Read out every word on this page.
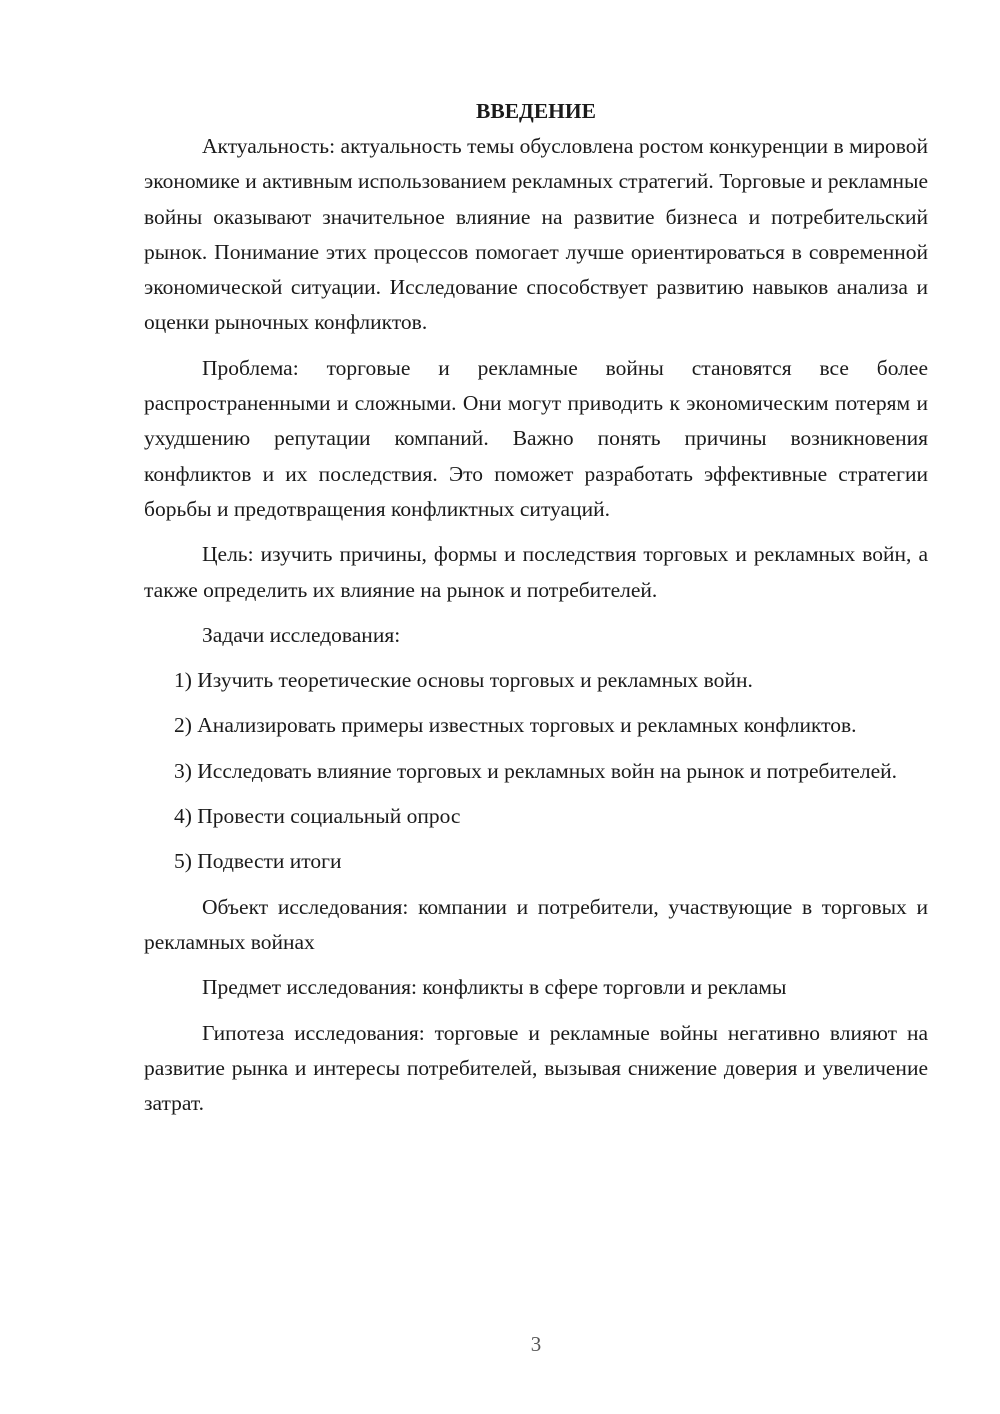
ВВЕДЕНИЕ
Актуальность: актуальность темы обусловлена ростом конкуренции в мировой экономике и активным использованием рекламных стратегий. Торговые и рекламные войны оказывают значительное влияние на развитие бизнеса и потребительский рынок. Понимание этих процессов помогает лучше ориентироваться в современной экономической ситуации. Исследование способствует развитию навыков анализа и оценки рыночных конфликтов.
Проблема: торговые и рекламные войны становятся все более распространенными и сложными. Они могут приводить к экономическим потерям и ухудшению репутации компаний. Важно понять причины возникновения конфликтов и их последствия. Это поможет разработать эффективные стратегии борьбы и предотвращения конфликтных ситуаций.
Цель: изучить причины, формы и последствия торговых и рекламных войн, а также определить их влияние на рынок и потребителей.
Задачи исследования:
1) Изучить теоретические основы торговых и рекламных войн.
2) Анализировать примеры известных торговых и рекламных конфликтов.
3) Исследовать влияние торговых и рекламных войн на рынок и потребителей.
4) Провести социальный опрос
5) Подвести итоги
Объект исследования: компании и потребители, участвующие в торговых и рекламных войнах
Предмет исследования: конфликты в сфере торговли и рекламы
Гипотеза исследования: торговые и рекламные войны негативно влияют на развитие рынка и интересы потребителей, вызывая снижение доверия и увеличение затрат.
3
